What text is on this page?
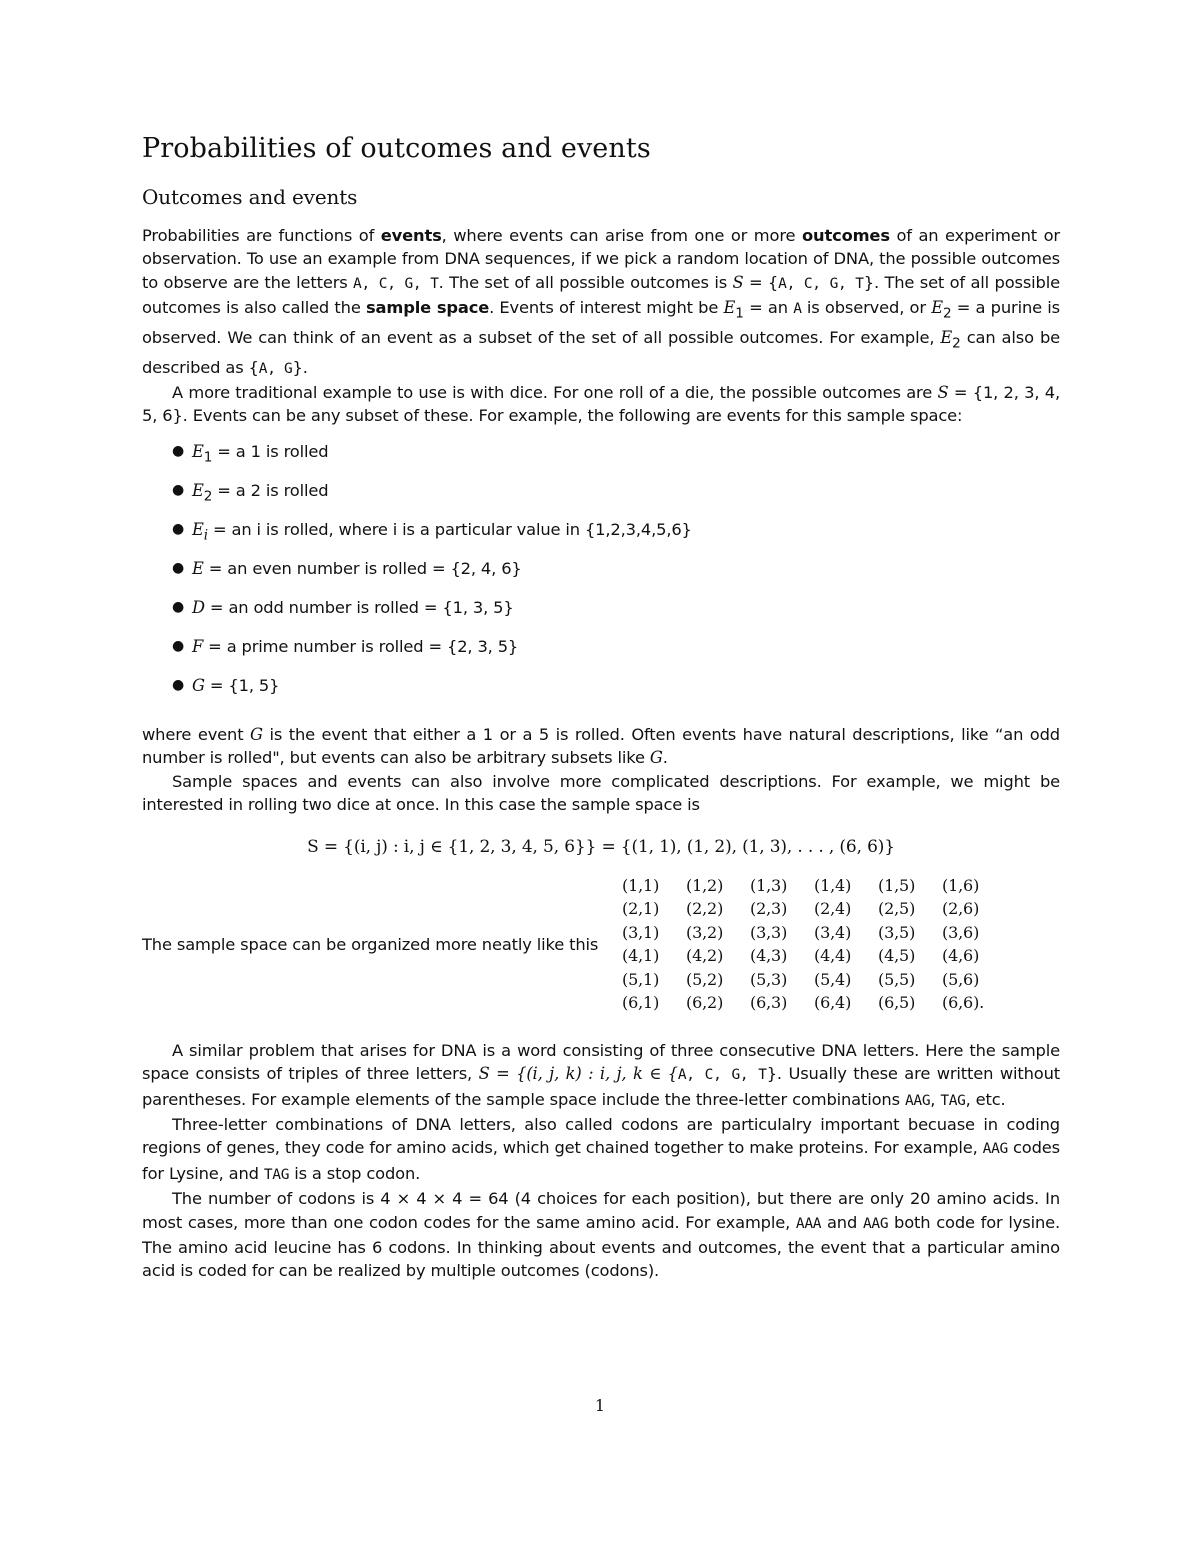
Probabilities of outcomes and events
Outcomes and events

Probabilities are functions of events, where events can arise from one or more outcomes of an experiment or observation. To use an example from DNA sequences, if we pick a random location of DNA, the possible outcomes to observe are the letters A, C, G, T. The set of all possible outcomes is S = {A, C, G, T}. The set of all possible outcomes is also called the sample space. Events of interest might be $E_1$ = an A is observed, or $E_2 = a$ purine is observed. We can think of an event as a subset of the set of all possible outcomes. For example, $E_2$ can also be described as {A, G}.

A more traditional example to use is with dice. For one roll of a die, the possible outcomes are S = {1, 2, 3, 4, 5, 6}. Events can be any subset of these. For example, the following are events for this sample space:

● $E_1 = a$ 1 is rolled
● $E_2 = a$ 2 is rolled
● $E_i$ = an i is rolled, where i is a particular value in {1,2,3,4,5,6}
● E = an even number is rolled = {2, 4, 6}
● D = an odd number is rolled = {1, 3, 5}
● F = a prime number is rolled = {2, 3, 5}
● G = {1, 5}

where event G is the event that either a 1 or a 5 is rolled. Often events have natural descriptions, like “an odd number is rolled", but events can also be arbitrary subsets like G.

Sample spaces and events can also involve more complicated descriptions. For example, we might be interested in rolling two dice at once. In this case the sample space is

S = {(i, j) : i, j ∈ {1, 2, 3, 4, 5, 6}} = {(1, 1), (1, 2), (1, 3), . . . , (6, 6)}
The sample space can be organized more neatly like this
(1,1)	(1,2)	(1,3)	(1,4)	(1,5)	(1,6)
(2,1)	(2,2)	(2,3)	(2,4)	(2,5)	(2,6)
(3,1)	(3,2)	(3,3)	(3,4)	(3,5)	(3,6)
(4,1)	(4,2)	(4,3)	(4,4)	(4,5)	(4,6)
(5,1)	(5,2)	(5,3)	(5,4)	(5,5)	(5,6)
(6,1)	(6,2)	(6,3)	(6,4)	(6,5)	(6,6).

A similar problem that arises for DNA is a word consisting of three consecutive DNA letters. Here the sample space consists of triples of three letters, S = {(i, j, k) : i, j, k ∈ {A, C, G, T}. Usually these are written without parentheses. For example elements of the sample space include the three-letter combinations AAG, TAG, etc.

Three-letter combinations of DNA letters, also called codons are particulalry important becuase in coding regions of genes, they code for amino acids, which get chained together to make proteins. For example, AAG codes for Lysine, and TAG is a stop codon.

The number of codons is 4 × 4 × 4 = 64 (4 choices for each position), but there are only 20 amino acids. In most cases, more than one codon codes for the same amino acid. For example, AAA and AAG both code for lysine. The amino acid leucine has 6 codons. In thinking about events and outcomes, the event that a particular amino acid is coded for can be realized by multiple outcomes (codons).

1
